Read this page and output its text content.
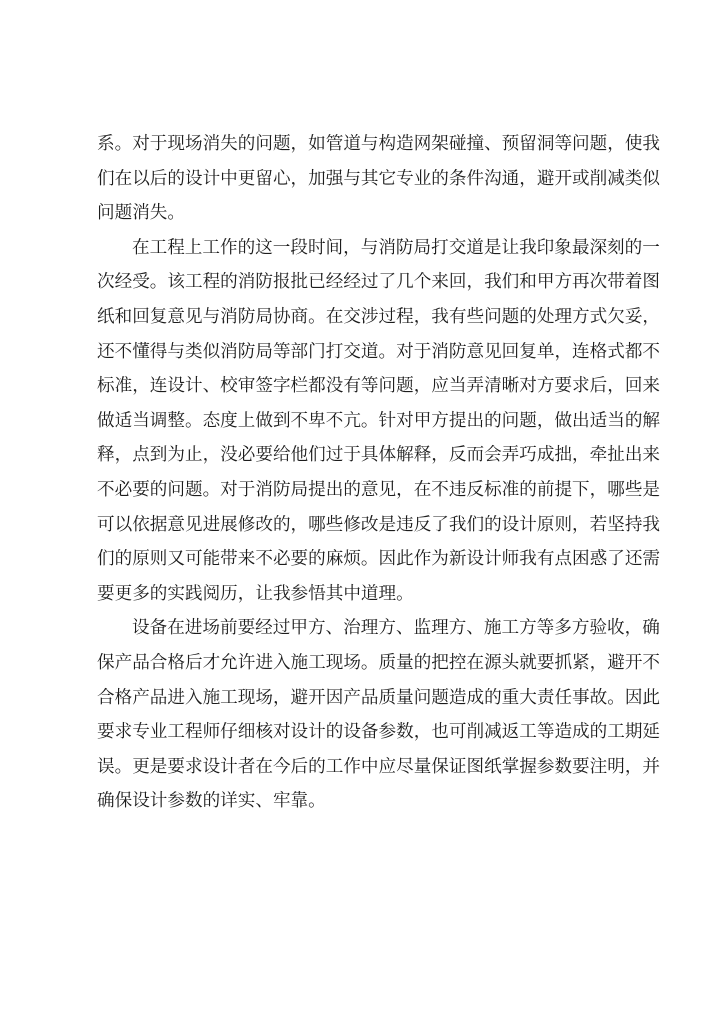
系。对于现场消失的问题，如管道与构造网架碰撞、预留洞等问题，使我
们在以后的设计中更留心，加强与其它专业的条件沟通，避开或削减类似
问题消失。
在工程上工作的这一段时间，与消防局打交道是让我印象最深刻的一
次经受。该工程的消防报批已经经过了几个来回，我们和甲方再次带着图
纸和回复意见与消防局协商。在交涉过程，我有些问题的处理方式欠妥，
还不懂得与类似消防局等部门打交道。对于消防意见回复单，连格式都不
标准，连设计、校审签字栏都没有等问题，应当弄清晰对方要求后，回来
做适当调整。态度上做到不卑不亢。针对甲方提出的问题，做出适当的解
释，点到为止，没必要给他们过于具体解释，反而会弄巧成拙，牵扯出来
不必要的问题。对于消防局提出的意见，在不违反标准的前提下，哪些是
可以依据意见进展修改的，哪些修改是违反了我们的设计原则，若坚持我
们的原则又可能带来不必要的麻烦。因此作为新设计师我有点困惑了还需
要更多的实践阅历，让我参悟其中道理。
设备在进场前要经过甲方、治理方、监理方、施工方等多方验收，确
保产品合格后才允许进入施工现场。质量的把控在源头就要抓紧，避开不
合格产品进入施工现场，避开因产品质量问题造成的重大责任事故。因此
要求专业工程师仔细核对设计的设备参数，也可削减返工等造成的工期延
误。更是要求设计者在今后的工作中应尽量保证图纸掌握参数要注明，并
确保设计参数的详实、牢靠。
